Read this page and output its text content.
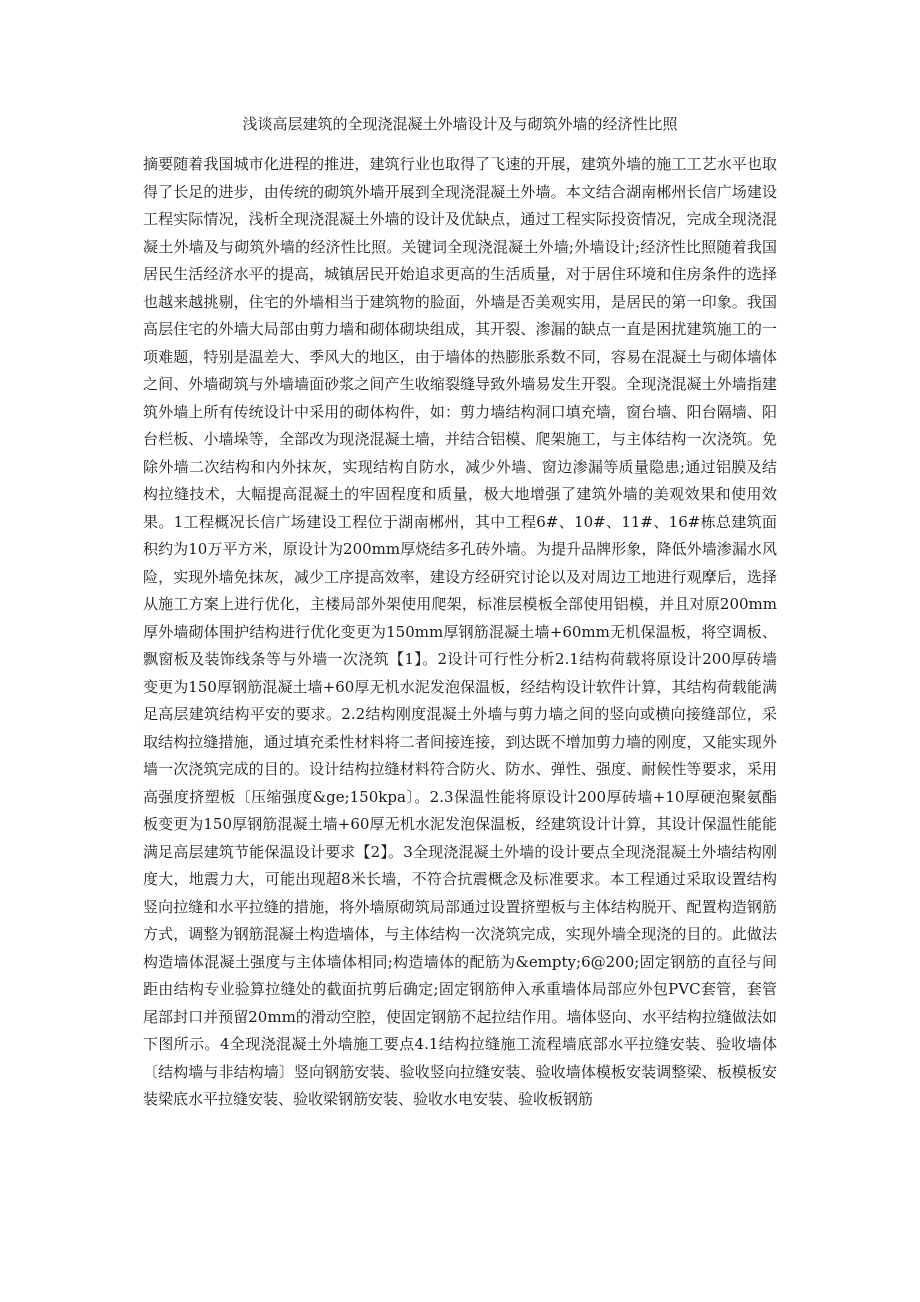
浅谈高层建筑的全现浇混凝土外墙设计及与砌筑外墙的经济性比照

摘要随着我国城市化进程的推进，建筑行业也取得了飞速的开展，建筑外墙的施工工艺水平也取得了长足的进步，由传统的砌筑外墙开展到全现浇混凝土外墙。本文结合湖南郴州长信广场建设工程实际情况，浅析全现浇混凝土外墙的设计及优缺点，通过工程实际投资情况，完成全现浇混凝土外墙及与砌筑外墙的经济性比照。关键词全现浇混凝土外墙;外墙设计;经济性比照随着我国居民生活经济水平的提高，城镇居民开始追求更高的生活质量，对于居住环境和住房条件的选择也越来越挑剔，住宅的外墙相当于建筑物的脸面，外墙是否美观实用，是居民的第一印象。我国高层住宅的外墙大局部由剪力墙和砌体砌块组成，其开裂、渗漏的缺点一直是困扰建筑施工的一项难题，特别是温差大、季风大的地区，由于墙体的热膨胀系数不同，容易在混凝土与砌体墙体之间、外墙砌筑与外墙墙面砂浆之间产生收缩裂缝导致外墙易发生开裂。全现浇混凝土外墙指建筑外墙上所有传统设计中采用的砌体构件，如：剪力墙结构洞口填充墙，窗台墙、阳台隔墙、阳台栏板、小墙垛等，全部改为现浇混凝土墙，并结合铝模、爬架施工，与主体结构一次浇筑。免除外墙二次结构和内外抹灰，实现结构自防水，减少外墙、窗边渗漏等质量隐患;通过铝膜及结构拉缝技术，大幅提高混凝土的牢固程度和质量，极大地增强了建筑外墙的美观效果和使用效果。1工程概况长信广场建设工程位于湖南郴州，其中工程6#、10#、11#、16#栋总建筑面积约为10万平方米，原设计为200mm厚烧结多孔砖外墙。为提升品牌形象，降低外墙渗漏水风险，实现外墙免抹灰，减少工序提高效率，建设方经研究讨论以及对周边工地进行观摩后，选择从施工方案上进行优化，主楼局部外架使用爬架，标准层模板全部使用铝模，并且对原200mm厚外墙砌体围护结构进行优化变更为150mm厚钢筋混凝土墙+60mm无机保温板，将空调板、飘窗板及装饰线条等与外墙一次浇筑【1】。2设计可行性分析2.1结构荷载将原设计200厚砖墙变更为150厚钢筋混凝土墙+60厚无机水泥发泡保温板，经结构设计软件计算，其结构荷载能满足高层建筑结构平安的要求。2.2结构刚度混凝土外墙与剪力墙之间的竖向或横向接缝部位，采取结构拉缝措施，通过填充柔性材料将二者间接连接，到达既不增加剪力墙的刚度，又能实现外墙一次浇筑完成的目的。设计结构拉缝材料符合防火、防水、弹性、强度、耐候性等要求，采用高强度挤塑板〔压缩强度&ge;150kpa〕。2.3保温性能将原设计200厚砖墙+10厚硬泡聚氨酯板变更为150厚钢筋混凝土墙+60厚无机水泥发泡保温板，经建筑设计计算，其设计保温性能能满足高层建筑节能保温设计要求【2】。3全现浇混凝土外墙的设计要点全现浇混凝土外墙结构刚度大，地震力大，可能出现超8米长墙，不符合抗震概念及标准要求。本工程通过采取设置结构竖向拉缝和水平拉缝的措施，将外墙原砌筑局部通过设置挤塑板与主体结构脱开、配置构造钢筋方式，调整为钢筋混凝土构造墙体，与主体结构一次浇筑完成，实现外墙全现浇的目的。此做法构造墙体混凝土强度与主体墙体相同;构造墙体的配筋为&empty;6@200;固定钢筋的直径与间距由结构专业验算拉缝处的截面抗剪后确定;固定钢筋伸入承重墙体局部应外包PVC套管，套管尾部封口并预留20mm的滑动空腔，使固定钢筋不起拉结作用。墙体竖向、水平结构拉缝做法如下图所示。4全现浇混凝土外墙施工要点4.1结构拉缝施工流程墙底部水平拉缝安装、验收墙体〔结构墙与非结构墙〕竖向钢筋安装、验收竖向拉缝安装、验收墙体模板安装调整梁、板模板安装梁底水平拉缝安装、验收梁钢筋安装、验收水电安装、验收板钢筋
